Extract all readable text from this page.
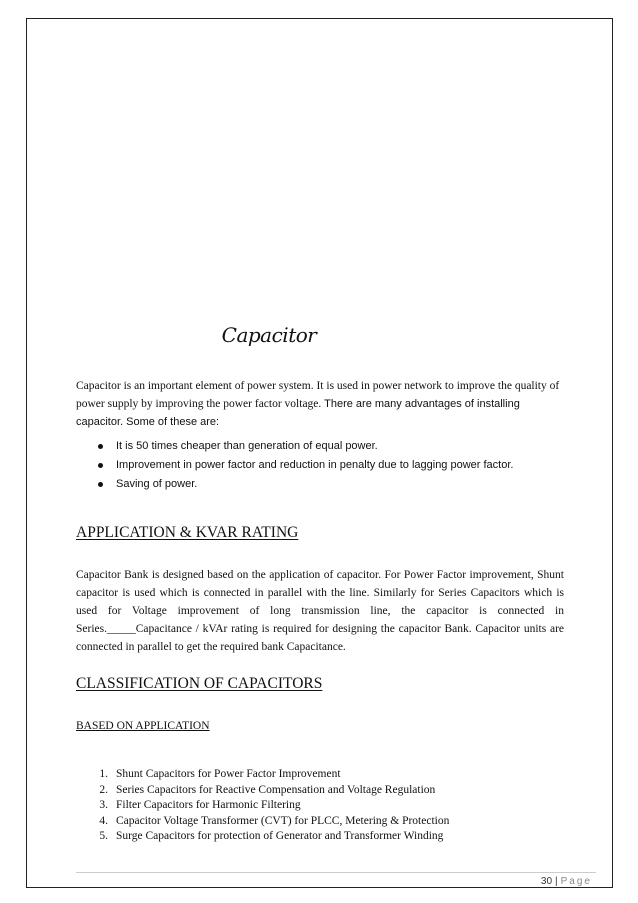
Capacitor
Capacitor is an important element of power system. It is used in power network to improve the quality of power supply by improving the power factor voltage. There are many advantages of installing capacitor. Some of these are:
It is 50 times cheaper than generation of equal power.
Improvement in power factor and reduction in penalty due to lagging power factor.
Saving of power.
APPLICATION & KVAR RATING
Capacitor Bank is designed based on the application of capacitor. For Power Factor improvement, Shunt capacitor is used which is connected in parallel with the line. Similarly for Series Capacitors which is used for Voltage improvement of long transmission line, the capacitor is connected in Series._____Capacitance / kVAr rating is required for designing the capacitor Bank. Capacitor units are connected in parallel to get the required bank Capacitance.
CLASSIFICATION OF CAPACITORS
BASED ON APPLICATION
1. Shunt Capacitors for Power Factor Improvement
2. Series Capacitors for Reactive Compensation and Voltage Regulation
3. Filter Capacitors for Harmonic Filtering
4. Capacitor Voltage Transformer (CVT) for PLCC, Metering & Protection
5. Surge Capacitors for protection of Generator and Transformer Winding
30 | Page
